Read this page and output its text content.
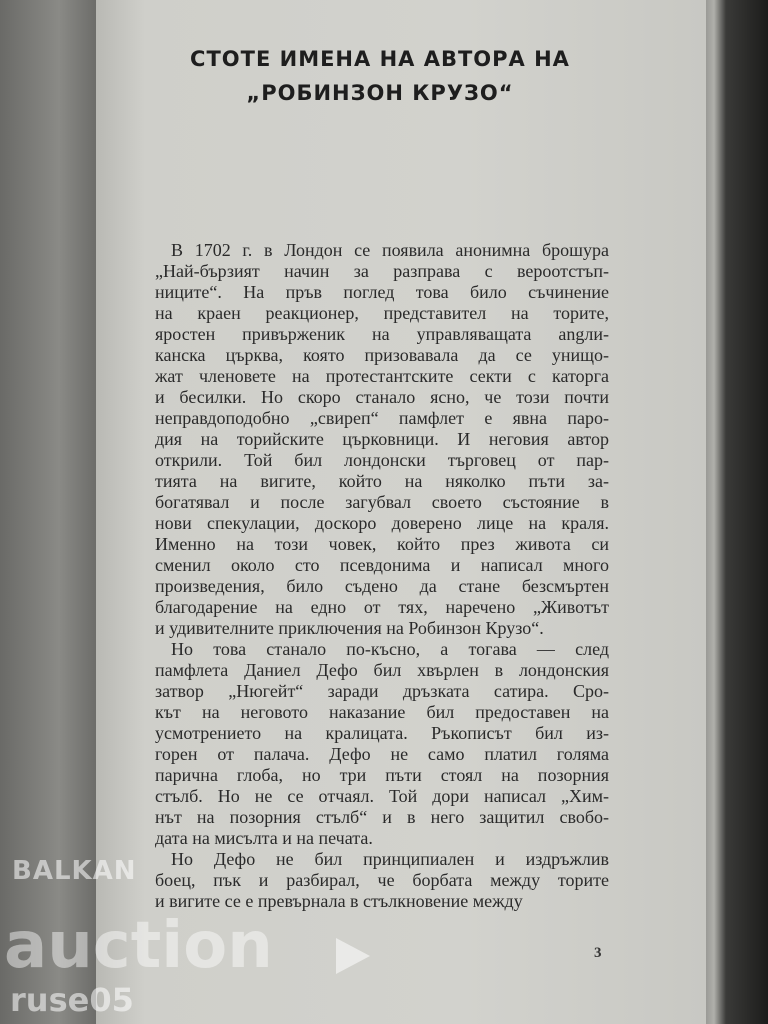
СТОТЕ ИМЕНА НА АВТОРА НА
„РОБИНЗОН КРУЗО“
В 1702 г. в Лондон се появила анонимна брошура
„Най-бързият начин за разправа с вероотстъп-
ниците“. На пръв поглед това било съчинение
на краен реакционер, представител на торите,
яростен привърженик на управляващата angли-
канска църква, която призовавала да се унищо-
жат членовете на протестантските секти с каторга
и бесилки. Но скоро станало ясно, че този почти
неправдоподобно „свиреп“ памфлет е явна паро-
дия на торийските църковници. И неговия автор
открили. Той бил лондонски търговец от пар-
тията на вигите, който на няколко пъти за-
богатявал и после загубвал своето състояние в
нови спекулации, доскоро доверено лице на краля.
Именно на този човек, който през живота си
сменил около сто псевдонима и написал много
произведения, било съдено да стане безсмъртен
благодарение на едно от тях, наречено „Животът
и удивителните приключения на Робинзон Крузо“.
Но това станало по-късно, а тогава — след
памфлета Даниел Дефо бил хвърлен в лондонския
затвор „Нюгейт“ заради дръзката сатира. Сро-
кът на неговото наказание бил предоставен на
усмотрението на кралицата. Ръкописът бил из-
горен от палача. Дефо не само платил голяма
парична глоба, но три пъти стоял на позорния
стълб. Но не се отчаял. Той дори написал „Хим-
нът на позорния стълб“ и в него защитил свобо-
дата на мисълта и на печата.
Но Дефо не бил принципиален и издръжлив
боец, пък и разбирал, че борбата между торите
и вигите се е превърнала в стълкновение между
3
BALKAN
auction
ruse05
